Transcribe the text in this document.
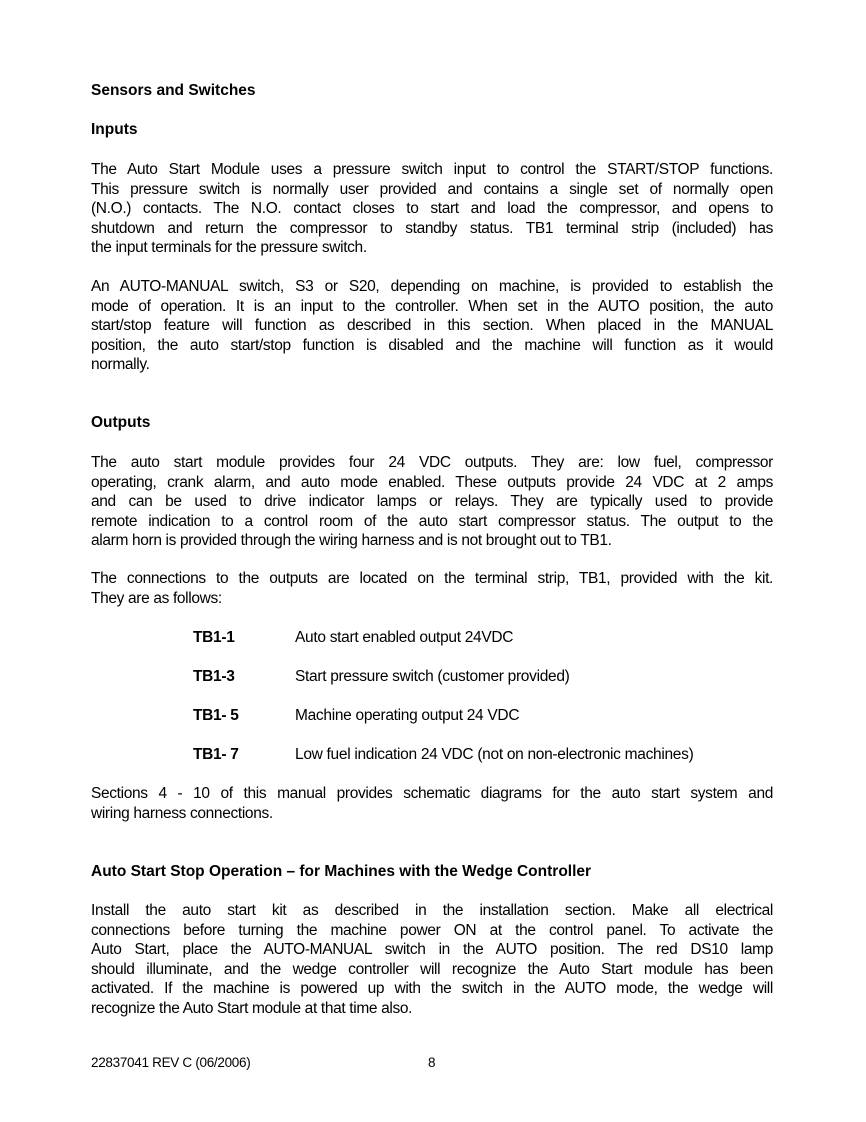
Sensors and Switches
Inputs
The Auto Start Module uses a pressure switch input to control the START/STOP functions.
This pressure switch is normally user provided and contains a single set of normally open
(N.O.) contacts. The N.O. contact closes to start and load the compressor, and opens to
shutdown and return the compressor to standby status. TB1 terminal strip (included) has
the input terminals for the pressure switch.
An AUTO-MANUAL switch, S3 or S20, depending on machine, is provided to establish the
mode of operation. It is an input to the controller. When set in the AUTO position, the auto
start/stop feature will function as described in this section. When placed in the MANUAL
position, the auto start/stop function is disabled and the machine will function as it would
normally.
Outputs
The auto start module provides four 24 VDC outputs. They are: low fuel, compressor
operating, crank alarm, and auto mode enabled. These outputs provide 24 VDC at 2 amps
and can be used to drive indicator lamps or relays. They are typically used to provide
remote indication to a control room of the auto start compressor status. The output to the
alarm horn is provided through the wiring harness and is not brought out to TB1.
The connections to the outputs are located on the terminal strip, TB1, provided with the kit.
They are as follows:
TB1-1	Auto start enabled output 24VDC
TB1-3	Start pressure switch (customer provided)
TB1- 5	Machine operating output 24 VDC
TB1- 7	Low fuel indication 24 VDC (not on non-electronic machines)
Sections 4 - 10 of this manual provides schematic diagrams for the auto start system and
wiring harness connections.
Auto Start Stop Operation – for Machines with the Wedge Controller
Install the auto start kit as described in the installation section. Make all electrical
connections before turning the machine power ON at the control panel. To activate the
Auto Start, place the AUTO-MANUAL switch in the AUTO position. The red DS10 lamp
should illuminate, and the wedge controller will recognize the Auto Start module has been
activated. If the machine is powered up with the switch in the AUTO mode, the wedge will
recognize the Auto Start module at that time also.
22837041 REV C (06/2006)	8
